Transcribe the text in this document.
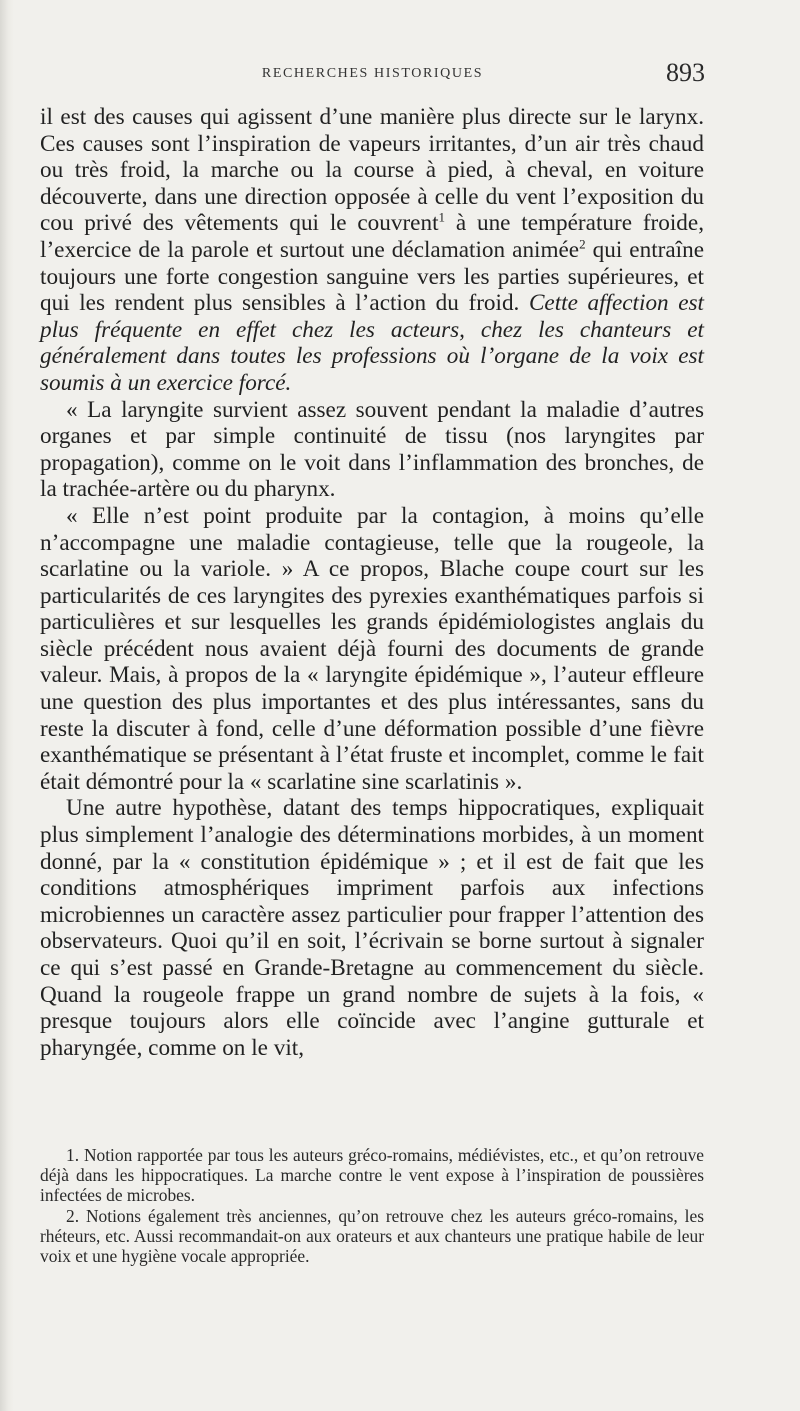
RECHERCHES HISTORIQUES	893

il est des causes qui agissent d’une manière plus directe sur le larynx. Ces causes sont l’inspiration de vapeurs irritantes, d’un air très chaud ou très froid, la marche ou la course à pied, à cheval, en voiture découverte, dans une direction opposée à celle du vent l’exposition du cou privé des vêtements qui le couvrent$^1$ à une température froide, l’exercice de la parole et surtout une déclamation animée$^2$ qui entraîne toujours une forte congestion sanguine vers les parties supérieures, et qui les rendent plus sensibles à l’action du froid. Cette affection est plus fréquente en effet chez les acteurs, chez les chanteurs et généralement dans toutes les professions où l’organe de la voix est soumis à un exercice forcé.

« La laryngite survient assez souvent pendant la maladie d’autres organes et par simple continuité de tissu (nos laryngites par propagation), comme on le voit dans l’inflammation des bronches, de la trachée-artère ou du pharynx.

« Elle n’est point produite par la contagion, à moins qu’elle n’accompagne une maladie contagieuse, telle que la rougeole, la scarlatine ou la variole. » A ce propos, Blache coupe court sur les particularités de ces laryngites des pyrexies exanthématiques parfois si particulières et sur lesquelles les grands épidémiologistes anglais du siècle précédent nous avaient déjà fourni des documents de grande valeur. Mais, à propos de la « laryngite épidémique », l’auteur effleure une question des plus importantes et des plus intéressantes, sans du reste la discuter à fond, celle d’une déformation possible d’une fièvre exanthématique se présentant à l’état fruste et incomplet, comme le fait était démontré pour la « scarlatine sine scarlatinis ».

Une autre hypothèse, datant des temps hippocratiques, expliquait plus simplement l’analogie des déterminations morbides, à un moment donné, par la « constitution épidémique » ; et il est de fait que les conditions atmosphériques impriment parfois aux infections microbiennes un caractère assez particulier pour frapper l’attention des observateurs. Quoi qu’il en soit, l’écrivain se borne surtout à signaler ce qui s’est passé en Grande-Bretagne au commencement du siècle. Quand la rougeole frappe un grand nombre de sujets à la fois, « presque toujours alors elle coïncide avec l’angine gutturale et pharyngée, comme on le vit,

1. Notion rapportée par tous les auteurs gréco-romains, médiévistes, etc., et qu’on retrouve déjà dans les hippocratiques. La marche contre le vent expose à l’inspiration de poussières infectées de microbes.

2. Notions également très anciennes, qu’on retrouve chez les auteurs gréco-romains, les rhéteurs, etc. Aussi recommandait-on aux orateurs et aux chanteurs une pratique habile de leur voix et une hygiène vocale appropriée.
